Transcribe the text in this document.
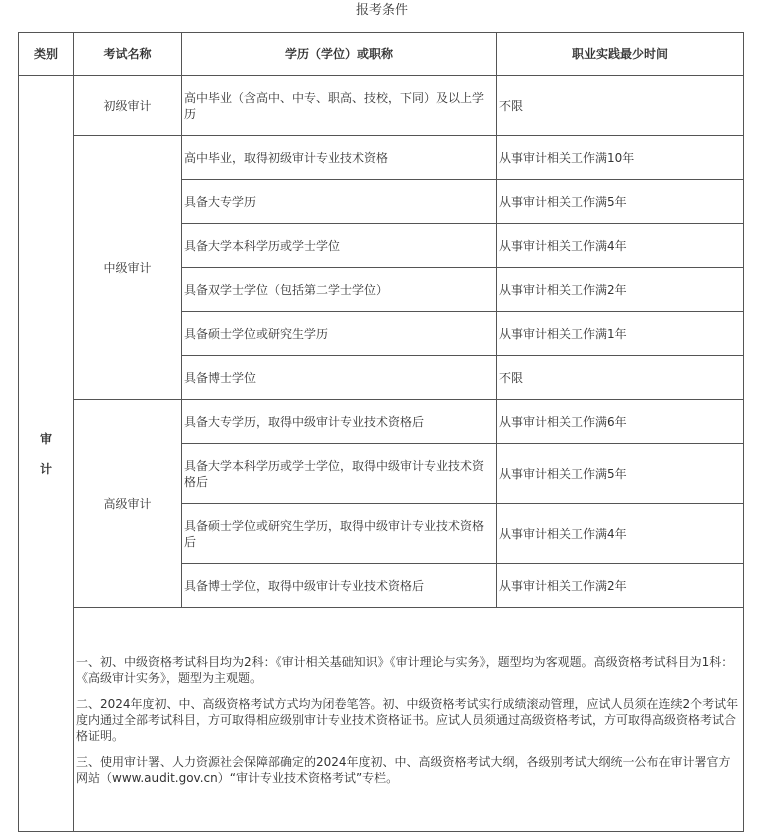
报考条件
类别	考试名称	学历（学位）或职称	职业实践最少时间

审
计	初级审计	高中毕业（含高中、中专、职高、技校，下同）及以上学历	不限
	中级审计	高中毕业，取得初级审计专业技术资格	从事审计相关工作满10年
		具备大专学历	从事审计相关工作满5年
		具备大学本科学历或学士学位	从事审计相关工作满4年
		具备双学士学位（包括第二学士学位）	从事审计相关工作满2年
		具备硕士学位或研究生学历	从事审计相关工作满1年
		具备博士学位	不限
	高级审计	具备大专学历，取得中级审计专业技术资格后	从事审计相关工作满6年
		具备大学本科学历或学士学位，取得中级审计专业技术资格后	从事审计相关工作满5年
		具备硕士学位或研究生学历，取得中级审计专业技术资格后	从事审计相关工作满4年
		具备博士学位，取得中级审计专业技术资格后	从事审计相关工作满2年

	一、初、中级资格考试科目均为2科：《审计相关基础知识》《审计理论与实务》，题型均为客观题。高级资格考试科目为1科：《高级审计实务》，题型为主观题。

二、2024年度初、中、高级资格考试方式均为闭卷笔答。初、中级资格考试实行成绩滚动管理，应试人员须在连续2个考试年度内通过全部考试科目，方可取得相应级别审计专业技术资格证书。应试人员须通过高级资格考试，方可取得高级资格考试合格证明。

三、使用审计署、人力资源社会保障部确定的2024年度初、中、高级资格考试大纲，各级别考试大纲统一公布在审计署官方网站（www.audit.gov.cn）“审计专业技术资格考试”专栏。		
